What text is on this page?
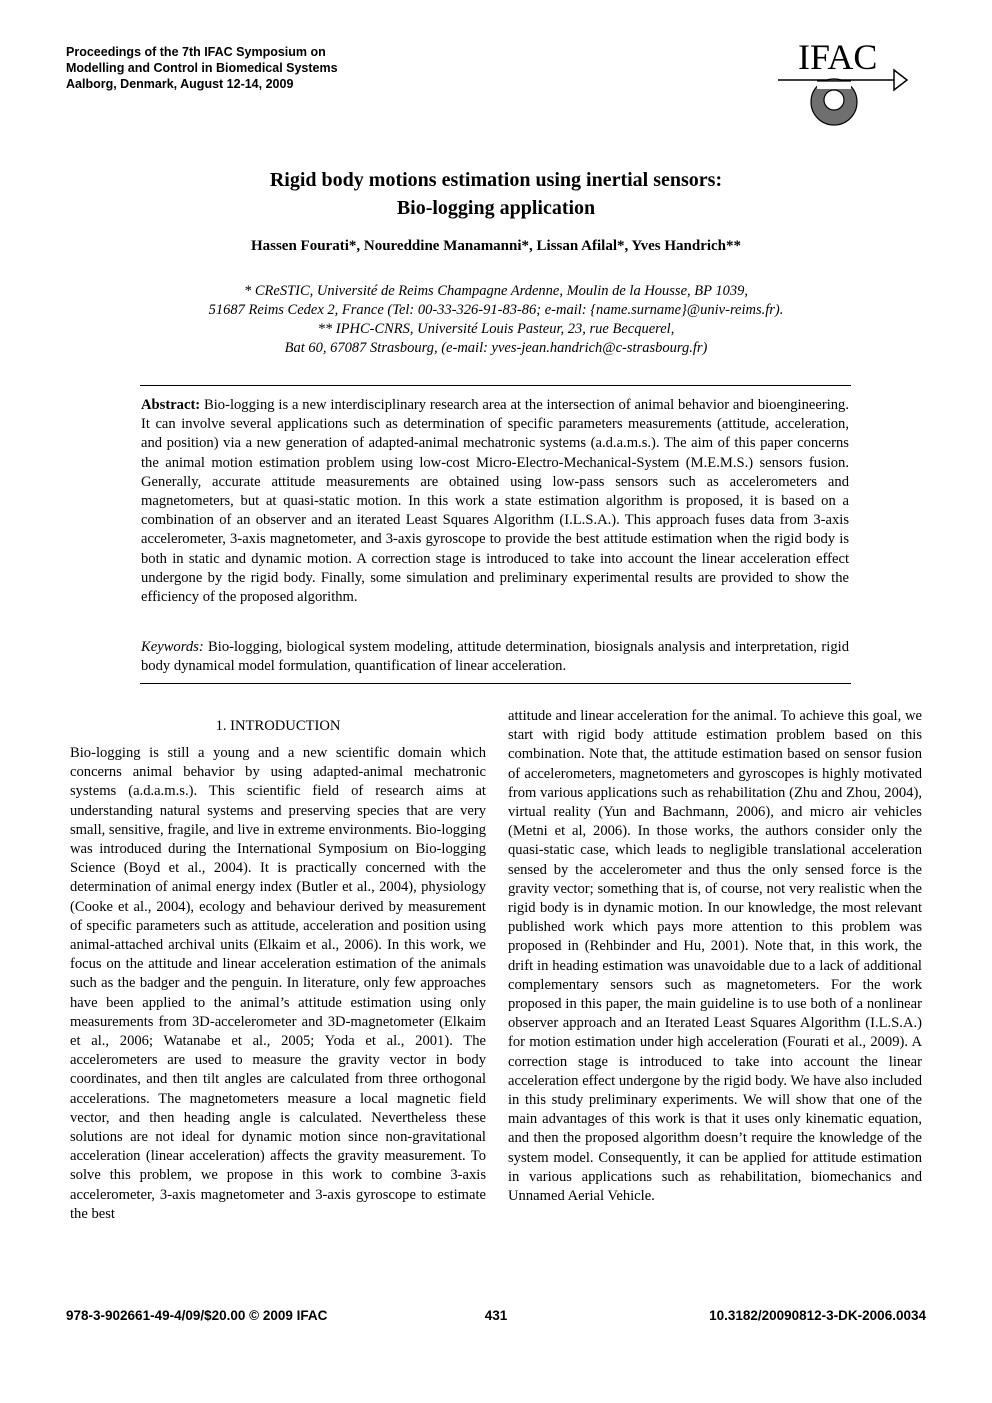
Proceedings of the 7th IFAC Symposium on
Modelling and Control in Biomedical Systems
Aalborg, Denmark, August 12-14, 2009
IFAC
Rigid body motions estimation using inertial sensors:
Bio-logging application
Hassen Fourati*, Noureddine Manamanni*, Lissan Afilal*, Yves Handrich**
* CReSTIC, Université de Reims Champagne Ardenne, Moulin de la Housse, BP 1039,
51687 Reims Cedex 2, France (Tel: 00-33-326-91-83-86; e-mail: {name.surname}@univ-reims.fr).
** IPHC-CNRS, Université Louis Pasteur, 23, rue Becquerel,
Bat 60, 67087 Strasbourg, (e-mail: yves-jean.handrich@c-strasbourg.fr)

Abstract: Bio-logging is a new interdisciplinary research area at the intersection of animal behavior and bioengineering. It can involve several applications such as determination of specific parameters measurements (attitude, acceleration, and position) via a new generation of adapted-animal mechatronic systems (a.d.a.m.s.). The aim of this paper concerns the animal motion estimation problem using low-cost Micro-Electro-Mechanical-System (M.E.M.S.) sensors fusion. Generally, accurate attitude measurements are obtained using low-pass sensors such as accelerometers and magnetometers, but at quasi-static motion. In this work a state estimation algorithm is proposed, it is based on a combination of an observer and an iterated Least Squares Algorithm (I.L.S.A.). This approach fuses data from 3-axis accelerometer, 3-axis magnetometer, and 3-axis gyroscope to provide the best attitude estimation when the rigid body is both in static and dynamic motion. A correction stage is introduced to take into account the linear acceleration effect undergone by the rigid body. Finally, some simulation and preliminary experimental results are provided to show the efficiency of the proposed algorithm.

Keywords: Bio-logging, biological system modeling, attitude determination, biosignals analysis and interpretation, rigid body dynamical model formulation, quantification of linear acceleration.

1. INTRODUCTION

Bio-logging is still a young and a new scientific domain which concerns animal behavior by using adapted-animal mechatronic systems (a.d.a.m.s.). This scientific field of research aims at understanding natural systems and preserving species that are very small, sensitive, fragile, and live in extreme environments. Bio-logging was introduced during the International Symposium on Bio-logging Science (Boyd et al., 2004). It is practically concerned with the determination of animal energy index (Butler et al., 2004), physiology (Cooke et al., 2004), ecology and behaviour derived by measurement of specific parameters such as attitude, acceleration and position using animal-attached archival units (Elkaim et al., 2006). In this work, we focus on the attitude and linear acceleration estimation of the animals such as the badger and the penguin. In literature, only few approaches have been applied to the animal’s attitude estimation using only measurements from 3D-accelerometer and 3D-magnetometer (Elkaim et al., 2006; Watanabe et al., 2005; Yoda et al., 2001). The accelerometers are used to measure the gravity vector in body coordinates, and then tilt angles are calculated from three orthogonal accelerations. The magnetometers measure a local magnetic field vector, and then heading angle is calculated. Nevertheless these solutions are not ideal for dynamic motion since non-gravitational acceleration (linear acceleration) affects the gravity measurement. To solve this problem, we propose in this work to combine 3-axis accelerometer, 3-axis magnetometer and 3-axis gyroscope to estimate the best

attitude and linear acceleration for the animal. To achieve this goal, we start with rigid body attitude estimation problem based on this combination. Note that, the attitude estimation based on sensor fusion of accelerometers, magnetometers and gyroscopes is highly motivated from various applications such as rehabilitation (Zhu and Zhou, 2004), virtual reality (Yun and Bachmann, 2006), and micro air vehicles (Metni et al, 2006). In those works, the authors consider only the quasi-static case, which leads to negligible translational acceleration sensed by the accelerometer and thus the only sensed force is the gravity vector; something that is, of course, not very realistic when the rigid body is in dynamic motion. In our knowledge, the most relevant published work which pays more attention to this problem was proposed in (Rehbinder and Hu, 2001). Note that, in this work, the drift in heading estimation was unavoidable due to a lack of additional complementary sensors such as magnetometers. For the work proposed in this paper, the main guideline is to use both of a nonlinear observer approach and an Iterated Least Squares Algorithm (I.L.S.A.) for motion estimation under high acceleration (Fourati et al., 2009). A correction stage is introduced to take into account the linear acceleration effect undergone by the rigid body. We have also included in this study preliminary experiments. We will show that one of the main advantages of this work is that it uses only kinematic equation, and then the proposed algorithm doesn’t require the knowledge of the system model. Consequently, it can be applied for attitude estimation in various applications such as rehabilitation, biomechanics and Unnamed Aerial Vehicle.

978-3-902661-49-4/09/$20.00 © 2009 IFAC	431	10.3182/20090812-3-DK-2006.0034
